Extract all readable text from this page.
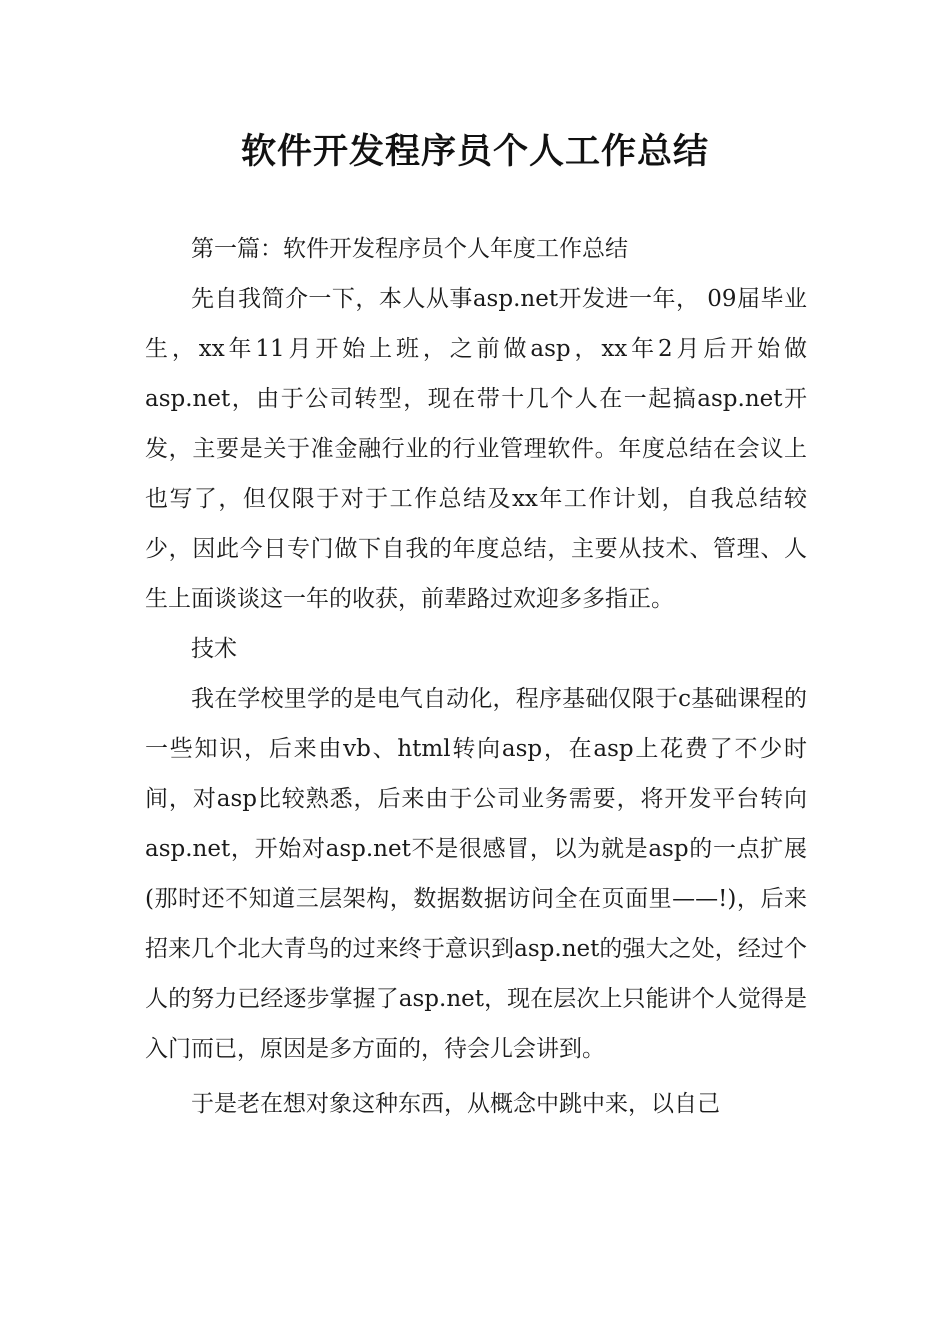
软件开发程序员个人工作总结

第一篇：软件开发程序员个人年度工作总结

先自我简介一下，本人从事asp.net开发进一年， 09届毕业生，xx年11月开始上班，之前做asp，xx年2月后开始做asp.net，由于公司转型，现在带十几个人在一起搞asp.net开发，主要是关于准金融行业的行业管理软件。年度总结在会议上也写了，但仅限于对于工作总结及xx年工作计划，自我总结较少，因此今日专门做下自我的年度总结，主要从技术、管理、人生上面谈谈这一年的收获，前辈路过欢迎多多指正。

技术

我在学校里学的是电气自动化，程序基础仅限于c基础课程的一些知识，后来由vb、html转向asp，在asp上花费了不少时间，对asp比较熟悉，后来由于公司业务需要，将开发平台转向asp.net，开始对asp.net不是很感冒，以为就是asp的一点扩展(那时还不知道三层架构，数据数据访问全在页面里——!)，后来招来几个北大青鸟的过来终于意识到asp.net的强大之处，经过个人的努力已经逐步掌握了asp.net，现在层次上只能讲个人觉得是入门而已，原因是多方面的，待会儿会讲到。

于是老在想对象这种东西，从概念中跳中来，以自己
